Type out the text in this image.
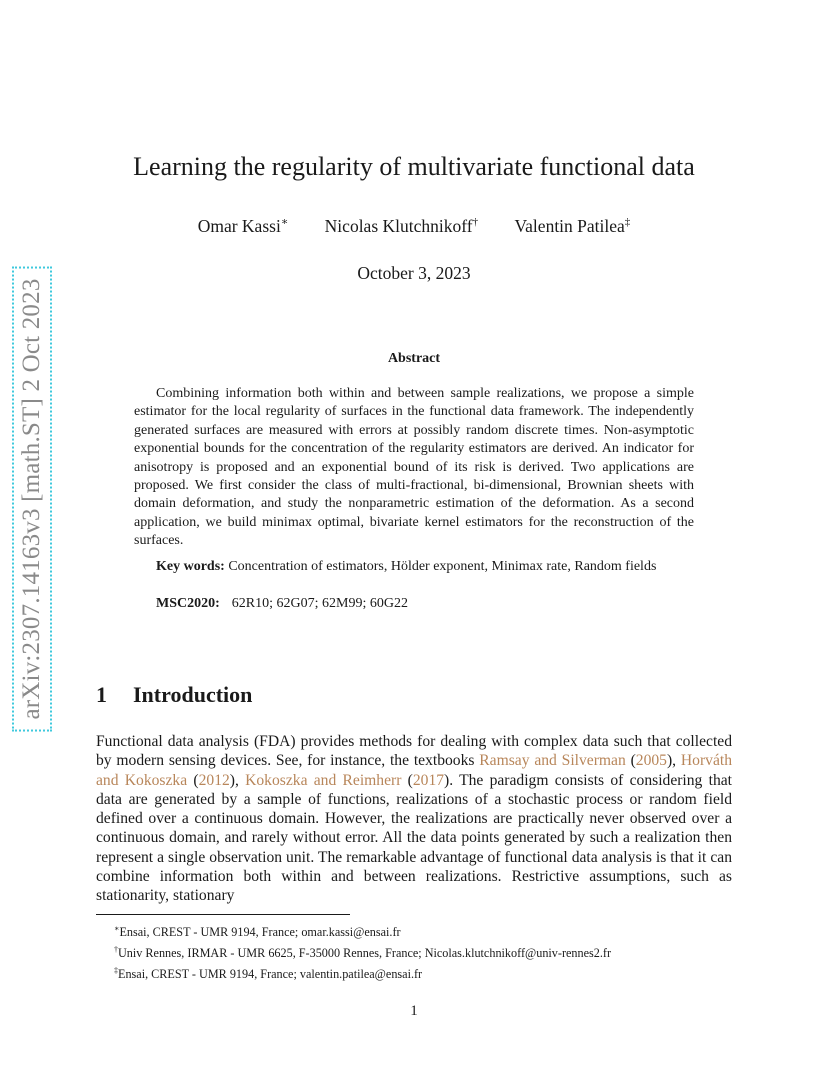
arXiv:2307.14163v3 [math.ST] 2 Oct 2023
Learning the regularity of multivariate functional data
Omar Kassi∗ Nicolas Klutchnikoff† Valentin Patilea‡
October 3, 2023
Abstract

Combining information both within and between sample realizations, we propose a simple estimator for the local regularity of surfaces in the functional data framework. The independently generated surfaces are measured with errors at possibly random discrete times. Non-asymptotic exponential bounds for the concentration of the regularity estimators are derived. An indicator for anisotropy is proposed and an exponential bound of its risk is derived. Two applications are proposed. We first consider the class of multi-fractional, bi-dimensional, Brownian sheets with domain deformation, and study the nonparametric estimation of the deformation. As a second application, we build minimax optimal, bivariate kernel estimators for the reconstruction of the surfaces.

Key words: Concentration of estimators, Hölder exponent, Minimax rate, Random fields

MSC2020: 62R10; 62G07; 62M99; 60G22

1 Introduction

Functional data analysis (FDA) provides methods for dealing with complex data such that collected by modern sensing devices. See, for instance, the textbooks Ramsay and Silverman (2005), Horváth and Kokoszka (2012), Kokoszka and Reimherr (2017). The paradigm consists of considering that data are generated by a sample of functions, realizations of a stochastic process or random field defined over a continuous domain. However, the realizations are practically never observed over a continuous domain, and rarely without error. All the data points generated by such a realization then represent a single observation unit. The remarkable advantage of functional data analysis is that it can combine information both within and between realizations. Restrictive assumptions, such as stationarity, stationary

∗Ensai, CREST - UMR 9194, France; omar.kassi@ensai.fr
†Univ Rennes, IRMAR - UMR 6625, F-35000 Rennes, France; Nicolas.klutchnikoff@univ-rennes2.fr
‡Ensai, CREST - UMR 9194, France; valentin.patilea@ensai.fr
1
